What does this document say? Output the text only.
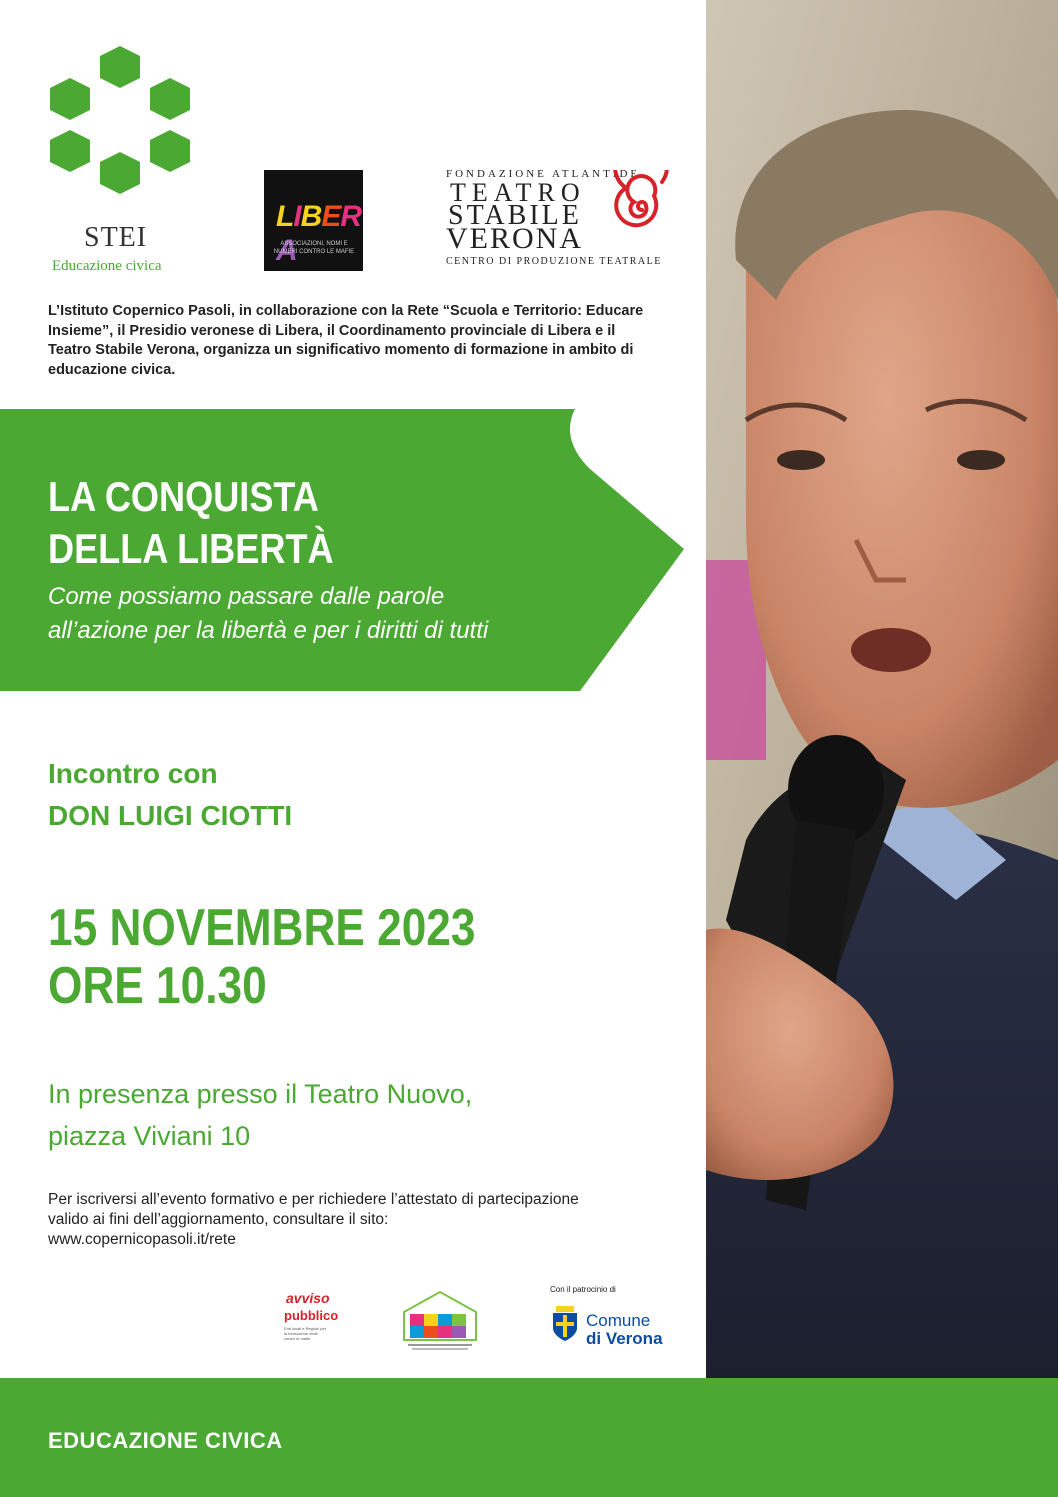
STEI
Educazione civica
LIBERA
ASSOCIAZIONI, NOMI E NUMERI CONTRO LE MAFIE
FONDAZIONE ATLANTIDE
TEATRO
STABILE
VERONA
CENTRO DI PRODUZIONE TEATRALE
L’Istituto Copernico Pasoli, in collaborazione con la Rete “Scuola e Territorio: Educare Insieme”, il Presidio veronese di Libera, il Coordinamento provinciale di Libera e il Teatro Stabile Verona, organizza un significativo momento di formazione in ambito di educazione civica.
LA CONQUISTA
DELLA LIBERTÀ
Come possiamo passare dalle parole
all’azione per la libertà e per i diritti di tutti
Incontro con
DON LUIGI CIOTTI
15 NOVEMBRE 2023
ORE 10.30
In presenza presso il Teatro Nuovo,
piazza Viviani 10
Per iscriversi all’evento formativo e per richiedere l’attestato di partecipazione valido ai fini dell’aggiornamento, consultare il sito:
www.copernicopasoli.it/rete
avviso
pubblico
Enti locali e Regioni per la formazione civile contro le mafie
Con il patrocinio di
Comune
di Verona
EDUCAZIONE CIVICA
